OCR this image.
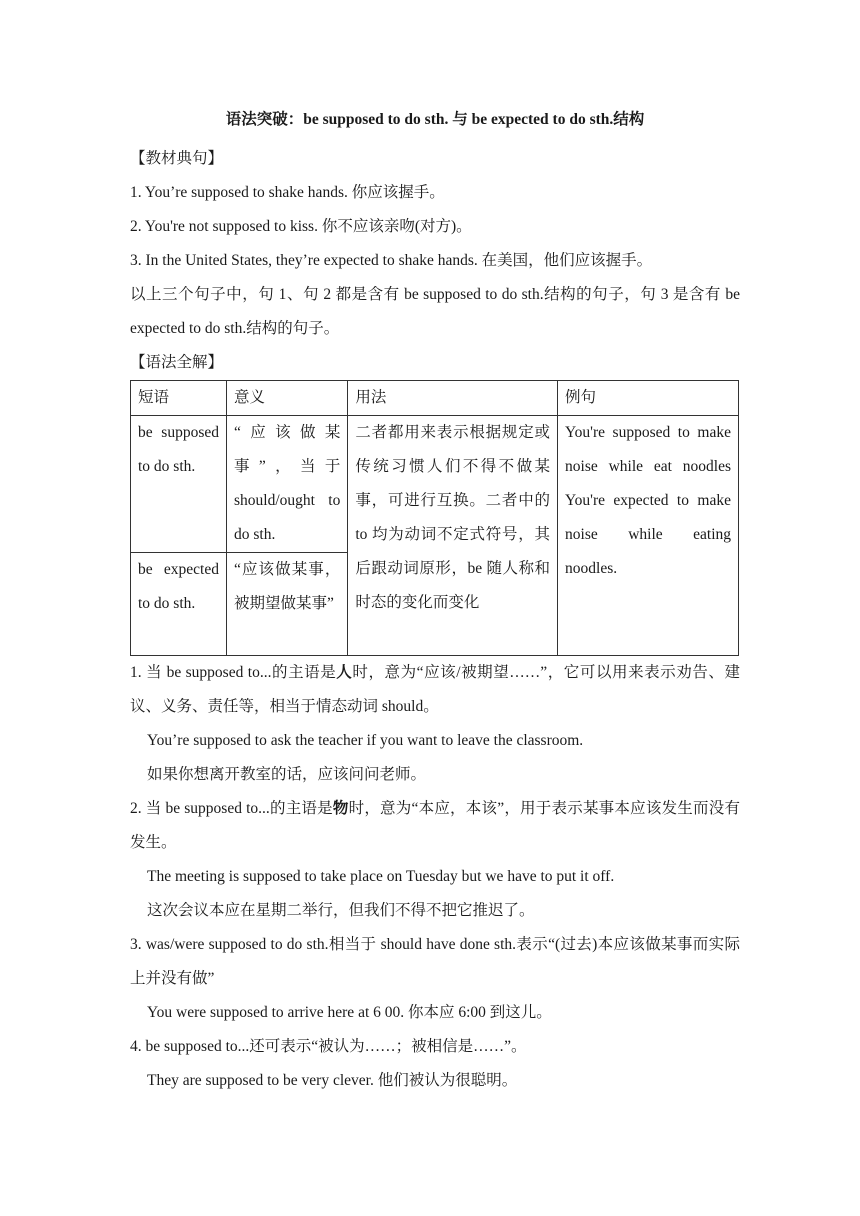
语法突破：be supposed to do sth. 与 be expected to do sth.结构

【教材典句】

1. You’re supposed to shake hands. 你应该握手。

2. You're not supposed to kiss. 你不应该亲吻(对方)。

3. In the United States, they’re expected to shake hands. 在美国，他们应该握手。

以上三个句子中，句 1、句 2 都是含有 be supposed to do sth.结构的句子，句 3 是含有 be expected to do sth.结构的句子。

【语法全解】

短语	意义	用法	例句
be supposed to do sth.	“应该做某事”，当于 should/ought to do sth.	二者都用来表示根据规定或传统习惯人们不得不做某事，可进行互换。二者中的 to 均为动词不定式符号，其后跟动词原形，be 随人称和时态的变化而变化	You're supposed to make noise while eat noodles You're expected to make noise while eating noodles.
be expected to do sth.	“应该做某事，被期望做某事”		

1. 当 be supposed to...的主语是人时，意为“应该/被期望……”，它可以用来表示劝告、建议、义务、责任等，相当于情态动词 should。

You’re supposed to ask the teacher if you want to leave the classroom.

如果你想离开教室的话，应该问问老师。

2. 当 be supposed to...的主语是物时，意为“本应，本该”，用于表示某事本应该发生而没有发生。

The meeting is supposed to take place on Tuesday but we have to put it off.

这次会议本应在星期二举行，但我们不得不把它推迟了。

3. was/were supposed to do sth.相当于 should have done sth.表示“(过去)本应该做某事而实际上并没有做”

You were supposed to arrive here at 6 00. 你本应 6:00 到这儿。

4. be supposed to...还可表示“被认为……；被相信是……”。

They are supposed to be very clever. 他们被认为很聪明。
